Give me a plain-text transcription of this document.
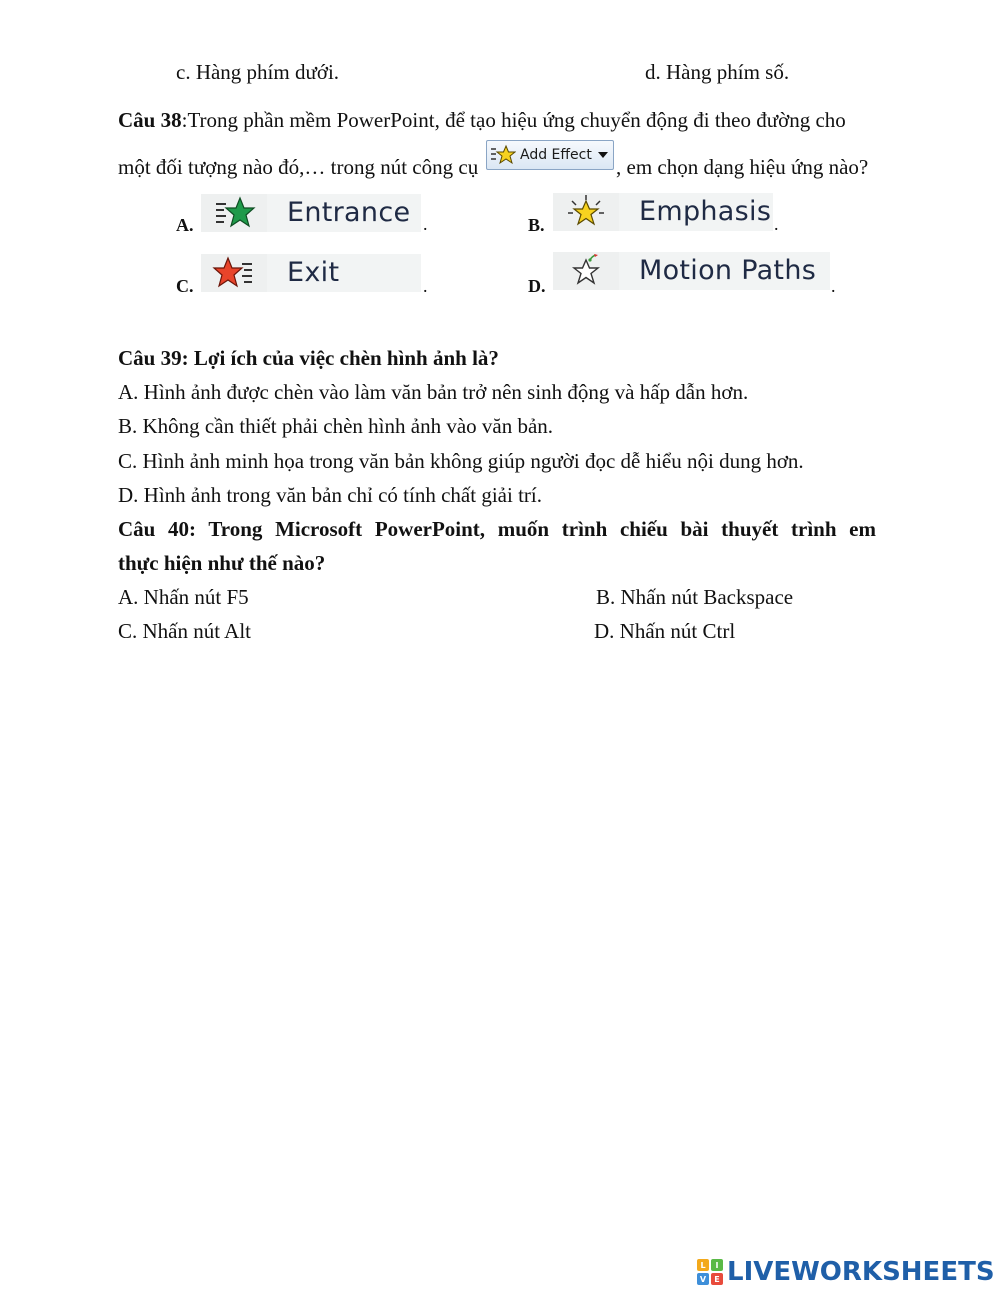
c. Hàng phím dưới.	d. Hàng phím số.
Câu 38 :Trong phần mềm PowerPoint, để tạo hiệu ứng chuyển động đi theo đường cho
một đối tượng nào đó,… trong nút công cụ	Add Effect , em chọn dạng hiệu ứng nào?
A.	Entrance .	B.	Emphasis .
C.	Exit	.	D.	Motion Paths .
Câu 39: Lợi ích của việc chèn hình ảnh là?
A. Hình ảnh được chèn vào làm văn bản trở nên sinh động và hấp dẫn hơn.
B. Không cần thiết phải chèn hình ảnh vào văn bản.
C. Hình ảnh minh họa trong văn bản không giúp người đọc dễ hiểu nội dung hơn.
D. Hình ảnh trong văn bản chỉ có tính chất giải trí.
Câu 40: Trong Microsoft PowerPoint, muốn trình chiếu bài thuyết trình em
thực hiện như thế nào?
A. Nhấn nút F5	B. Nhấn nút Backspace
C. Nhấn nút Alt	D. Nhấn nút Ctrl
L	I
V	E LIVEWORKSHEETS
